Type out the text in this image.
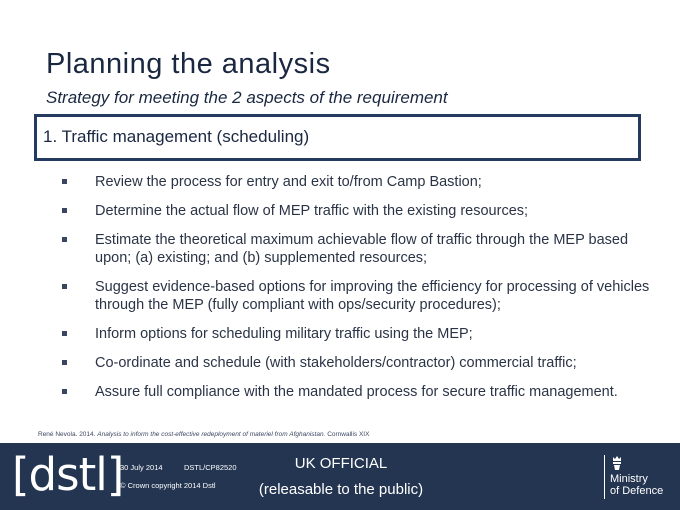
Planning the analysis
Strategy for meeting the 2 aspects of the requirement
1. Traffic management (scheduling)
Review the process for entry and exit to/from Camp Bastion;
Determine the actual flow of MEP traffic with the existing resources;
Estimate the theoretical maximum achievable flow of traffic through the MEP based upon; (a) existing; and (b) supplemented resources;
Suggest evidence-based options for improving the efficiency for processing of vehicles through the MEP (fully compliant with ops/security procedures);
Inform options for scheduling military traffic using the MEP;
Co-ordinate and schedule (with stakeholders/contractor) commercial traffic;
Assure full compliance with the mandated process for secure traffic management.
René Nevola. 2014. Analysis to inform the cost-effective redeployment of materiel from Afghanistan. Cornwallis XIX
[dstl]
30 July 2014	DSTL/CP82520
© Crown copyright 2014 Dstl
UK OFFICIAL
(releasable to the public)
Ministry
of Defence
